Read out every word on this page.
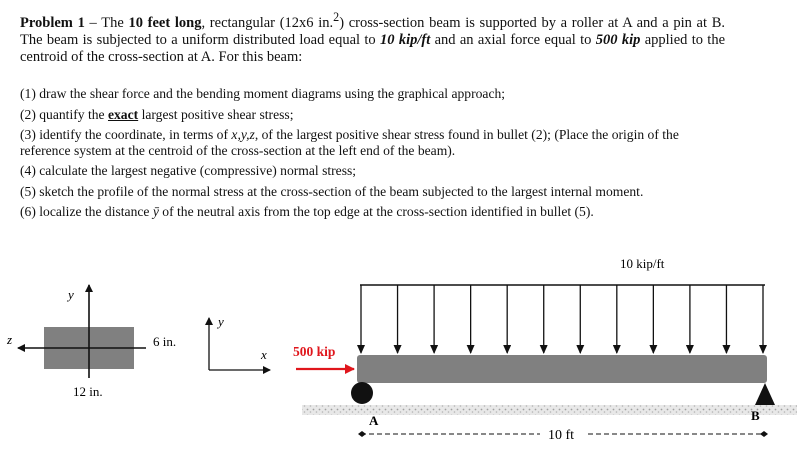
Problem 1 – The 10 feet long, rectangular (12x6 in.$^2$) cross-section beam is supported by a roller at A and a pin at B. The beam is subjected to a uniform distributed load equal to 10 kip/ft and an axial force equal to 500 kip applied to the centroid of the cross-section at A. For this beam:

(1) draw the shear force and the bending moment diagrams using the graphical approach;
(2) quantify the exact largest positive shear stress;
(3) identify the coordinate, in terms of x,y,z, of the largest positive shear stress found in bullet (2); (Place the origin of the reference system at the centroid of the cross-section at the left end of the beam).
(4) calculate the largest negative (compressive) normal stress;
(5) sketch the profile of the normal stress at the cross-section of the beam subjected to the largest internal moment.
(6) localize the distance ȳ of the neutral axis from the top edge at the cross-section identified in bullet (5).
y
z	6 in.
12 in.
y
x
10 kip/ft
500 kip
A	B
10 ft
